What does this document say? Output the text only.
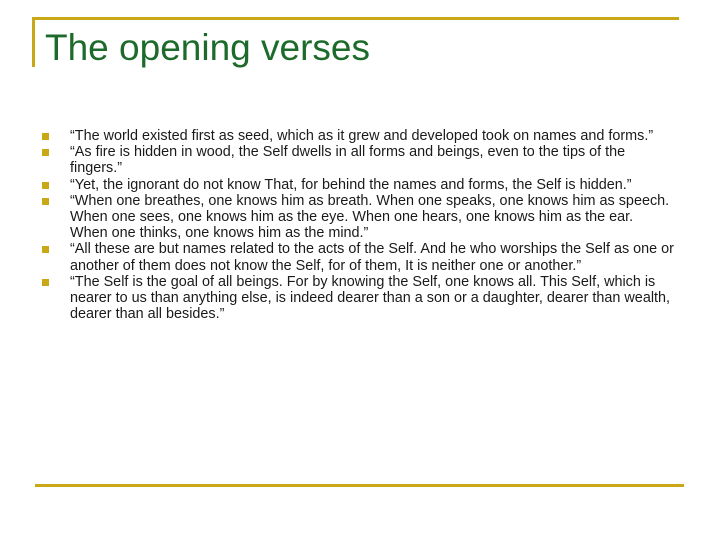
The opening verses
“The world existed first as seed, which as it grew and developed took on names and forms.”
“As fire is hidden in wood, the Self dwells in all forms and beings, even to the tips of the fingers.”
“Yet, the ignorant do not know That, for behind the names and forms, the Self is hidden.”
“When one breathes, one knows him as breath. When one speaks, one knows him as speech. When one sees, one knows him as the eye. When one hears, one knows him as the ear. When one thinks, one knows him as the mind.”
“All these are but names related to the acts of the Self. And he who worships the Self as one or another of them does not know the Self, for of them, It is neither one or another.”
“The Self is the goal of all beings. For by knowing the Self, one knows all. This Self, which is nearer to us than anything else, is indeed dearer than a son or a daughter, dearer than wealth, dearer than all besides.”
